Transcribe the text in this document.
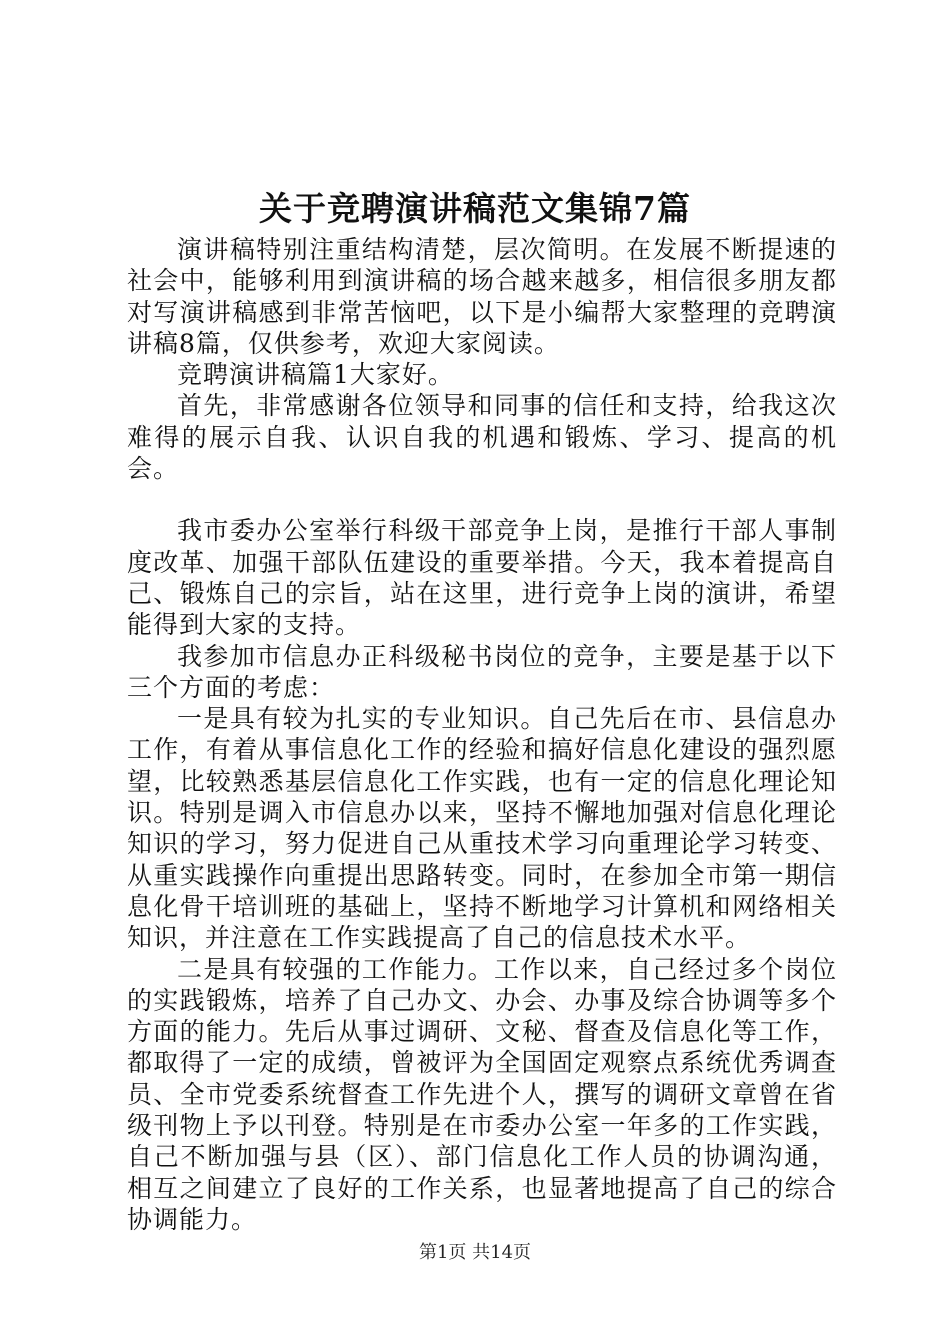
关于竞聘演讲稿范文集锦7篇

演讲稿特别注重结构清楚，层次简明。在发展不断提速的社会中，能够利用到演讲稿的场合越来越多，相信很多朋友都对写演讲稿感到非常苦恼吧，以下是小编帮大家整理的竞聘演讲稿8篇，仅供参考，欢迎大家阅读。

竞聘演讲稿篇1大家好。

首先，非常感谢各位领导和同事的信任和支持，给我这次难得的展示自我、认识自我的机遇和锻炼、学习、提高的机会。

我市委办公室举行科级干部竞争上岗，是推行干部人事制度改革、加强干部队伍建设的重要举措。今天，我本着提高自己、锻炼自己的宗旨，站在这里，进行竞争上岗的演讲，希望能得到大家的支持。

我参加市信息办正科级秘书岗位的竞争，主要是基于以下三个方面的考虑：

一是具有较为扎实的专业知识。自己先后在市、县信息办工作，有着从事信息化工作的经验和搞好信息化建设的强烈愿望，比较熟悉基层信息化工作实践，也有一定的信息化理论知识。特别是调入市信息办以来，坚持不懈地加强对信息化理论知识的学习，努力促进自己从重技术学习向重理论学习转变、从重实践操作向重提出思路转变。同时，在参加全市第一期信息化骨干培训班的基础上，坚持不断地学习计算机和网络相关知识，并注意在工作实践提高了自己的信息技术水平。

二是具有较强的工作能力。工作以来，自己经过多个岗位的实践锻炼，培养了自己办文、办会、办事及综合协调等多个方面的能力。先后从事过调研、文秘、督查及信息化等工作，都取得了一定的成绩，曾被评为全国固定观察点系统优秀调查员、全市党委系统督查工作先进个人，撰写的调研文章曾在省级刊物上予以刊登。特别是在市委办公室一年多的工作实践，自己不断加强与县（区）、部门信息化工作人员的协调沟通，相互之间建立了良好的工作关系，也显著地提高了自己的综合协调能力。

第1页 共14页
